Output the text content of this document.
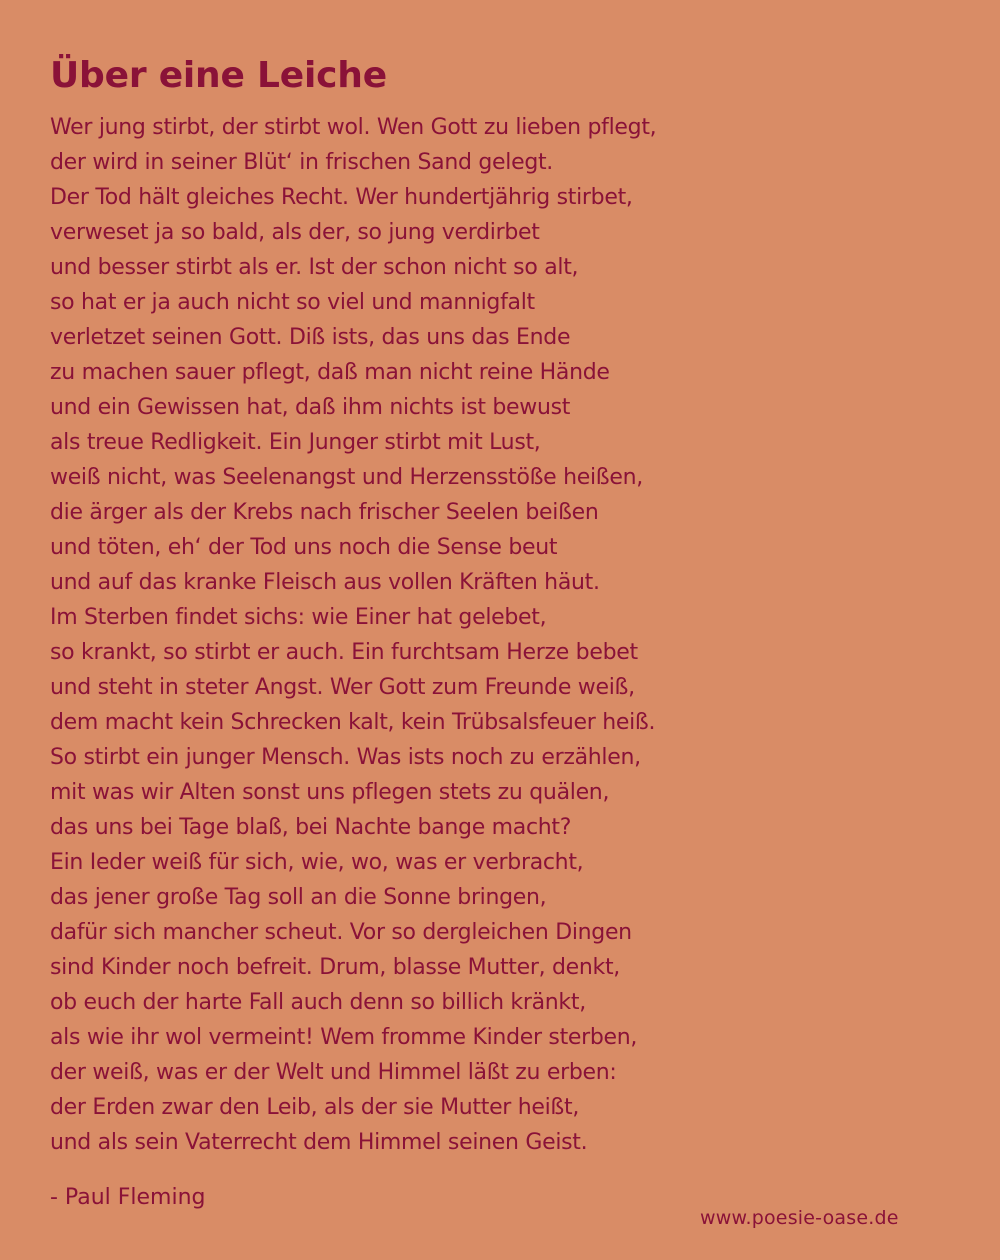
Über eine Leiche
Wer jung stirbt, der stirbt wol. Wen Gott zu lieben pflegt,
der wird in seiner Blüt‘ in frischen Sand gelegt.
Der Tod hält gleiches Recht. Wer hundertjährig stirbet,
verweset ja so bald, als der, so jung verdirbet
und besser stirbt als er. Ist der schon nicht so alt,
so hat er ja auch nicht so viel und mannigfalt
verletzet seinen Gott. Diß ists, das uns das Ende
zu machen sauer pflegt, daß man nicht reine Hände
und ein Gewissen hat, daß ihm nichts ist bewust
als treue Redligkeit. Ein Junger stirbt mit Lust,
weiß nicht, was Seelenangst und Herzensstöße heißen,
die ärger als der Krebs nach frischer Seelen beißen
und töten, eh‘ der Tod uns noch die Sense beut
und auf das kranke Fleisch aus vollen Kräften häut.
Im Sterben findet sichs: wie Einer hat gelebet,
so krankt, so stirbt er auch. Ein furchtsam Herze bebet
und steht in steter Angst. Wer Gott zum Freunde weiß,
dem macht kein Schrecken kalt, kein Trübsalsfeuer heiß.
So stirbt ein junger Mensch. Was ists noch zu erzählen,
mit was wir Alten sonst uns pflegen stets zu quälen,
das uns bei Tage blaß, bei Nachte bange macht?
Ein Ieder weiß für sich, wie, wo, was er verbracht,
das jener große Tag soll an die Sonne bringen,
dafür sich mancher scheut. Vor so dergleichen Dingen
sind Kinder noch befreit. Drum, blasse Mutter, denkt,
ob euch der harte Fall auch denn so billich kränkt,
als wie ihr wol vermeint! Wem fromme Kinder sterben,
der weiß, was er der Welt und Himmel läßt zu erben:
der Erden zwar den Leib, als der sie Mutter heißt,
und als sein Vaterrecht dem Himmel seinen Geist.
- Paul Fleming
www.poesie-oase.de
